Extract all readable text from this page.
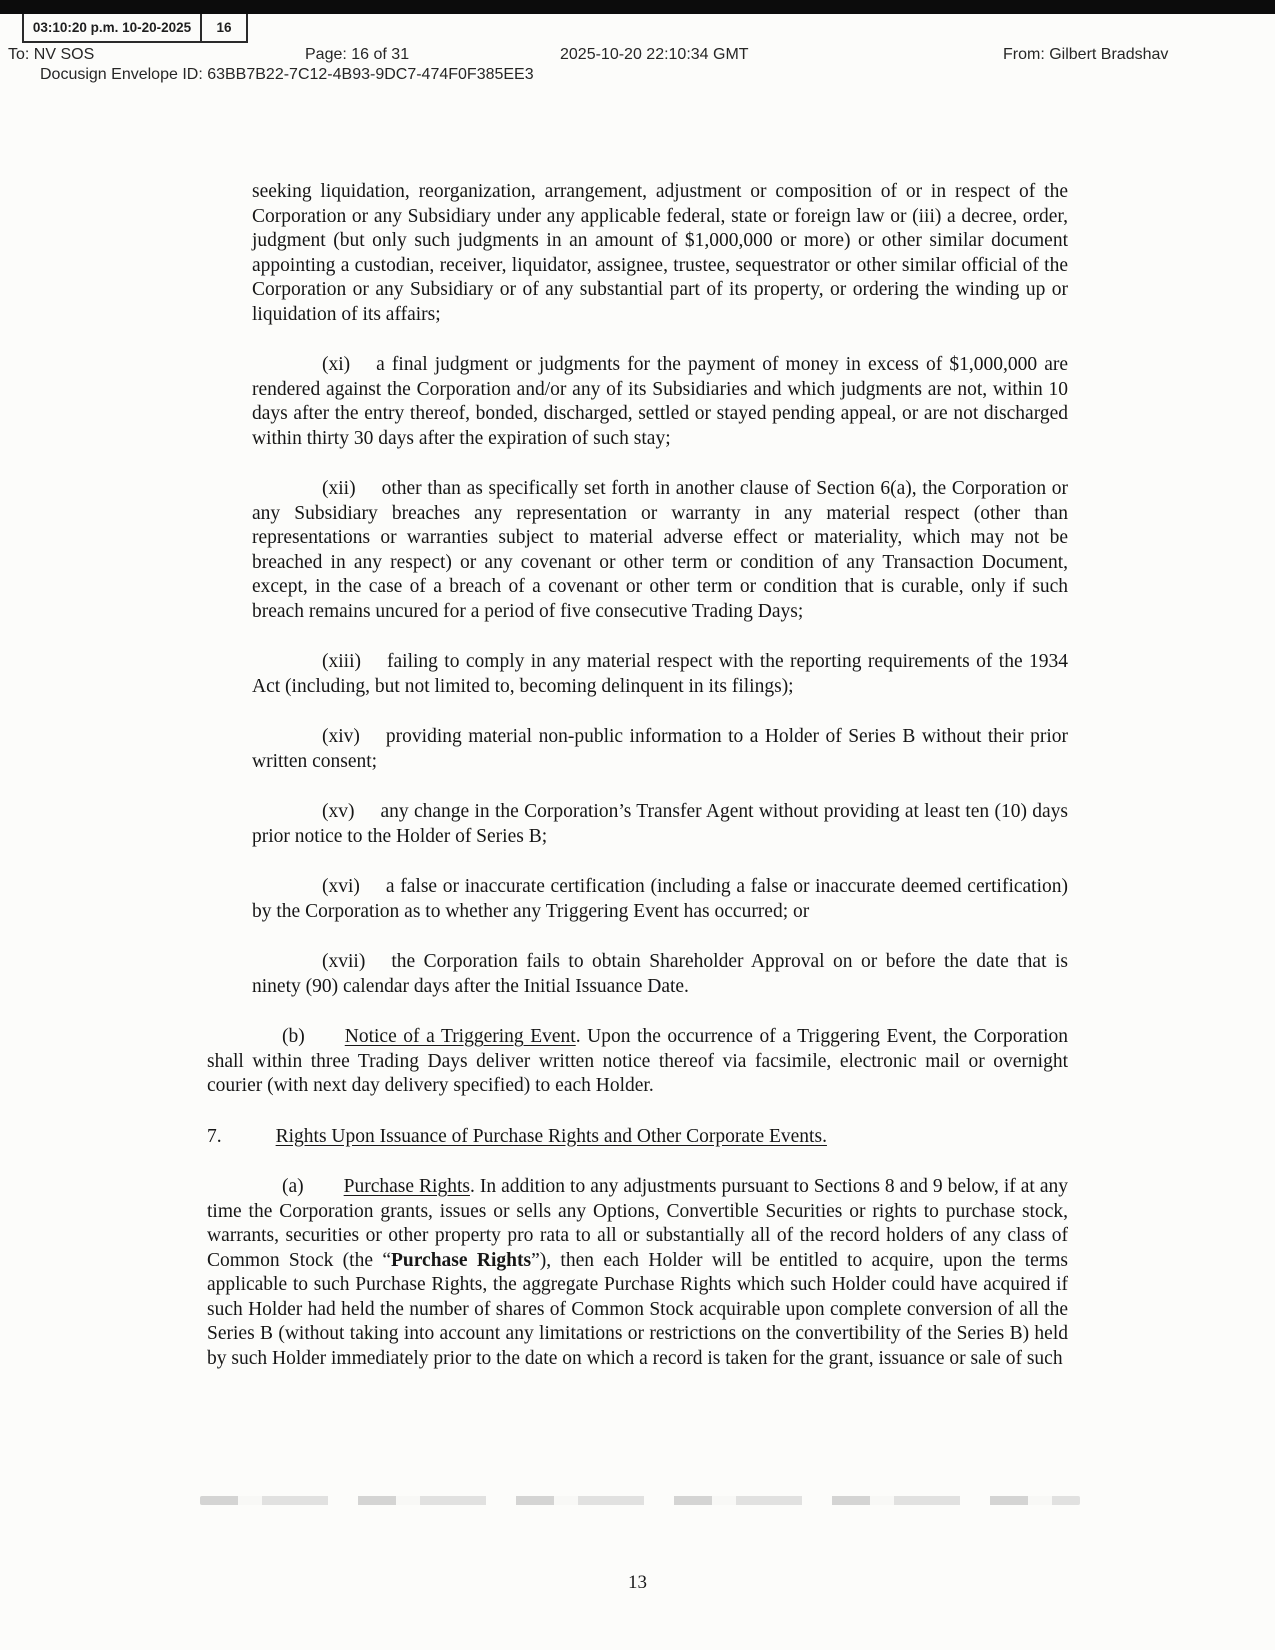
03:10:20 p.m. 10-20-2025	16
To: NV SOS	Page: 16 of 31	2025-10-20 22:10:34 GMT	From: Gilbert Bradshav
Docusign Envelope ID: 63BB7B22-7C12-4B93-9DC7-474F0F385EE3

seeking liquidation, reorganization, arrangement, adjustment or composition of or in respect of the Corporation or any Subsidiary under any applicable federal, state or foreign law or (iii) a decree, order, judgment (but only such judgments in an amount of $1,000,000 or more) or other similar document appointing a custodian, receiver, liquidator, assignee, trustee, sequestrator or other similar official of the Corporation or any Subsidiary or of any substantial part of its property, or ordering the winding up or liquidation of its affairs;

(xi) a final judgment or judgments for the payment of money in excess of $1,000,000 are rendered against the Corporation and/or any of its Subsidiaries and which judgments are not, within 10 days after the entry thereof, bonded, discharged, settled or stayed pending appeal, or are not discharged within thirty 30 days after the expiration of such stay;

(xii) other than as specifically set forth in another clause of Section 6(a), the Corporation or any Subsidiary breaches any representation or warranty in any material respect (other than representations or warranties subject to material adverse effect or materiality, which may not be breached in any respect) or any covenant or other term or condition of any Transaction Document, except, in the case of a breach of a covenant or other term or condition that is curable, only if such breach remains uncured for a period of five consecutive Trading Days;

(xiii) failing to comply in any material respect with the reporting requirements of the 1934 Act (including, but not limited to, becoming delinquent in its filings);

(xiv) providing material non-public information to a Holder of Series B without their prior written consent;

(xv) any change in the Corporation’s Transfer Agent without providing at least ten (10) days prior notice to the Holder of Series B;

(xvi) a false or inaccurate certification (including a false or inaccurate deemed certification) by the Corporation as to whether any Triggering Event has occurred; or

(xvii) the Corporation fails to obtain Shareholder Approval on or before the date that is ninety (90) calendar days after the Initial Issuance Date.

(b) Notice of a Triggering Event. Upon the occurrence of a Triggering Event, the Corporation shall within three Trading Days deliver written notice thereof via facsimile, electronic mail or overnight courier (with next day delivery specified) to each Holder.

7.	Rights Upon Issuance of Purchase Rights and Other Corporate Events.

(a) Purchase Rights. In addition to any adjustments pursuant to Sections 8 and 9 below, if at any time the Corporation grants, issues or sells any Options, Convertible Securities or rights to purchase stock, warrants, securities or other property pro rata to all or substantially all of the record holders of any class of Common Stock (the “Purchase Rights”), then each Holder will be entitled to acquire, upon the terms applicable to such Purchase Rights, the aggregate Purchase Rights which such Holder could have acquired if such Holder had held the number of shares of Common Stock acquirable upon complete conversion of all the Series B (without taking into account any limitations or restrictions on the convertibility of the Series B) held by such Holder immediately prior to the date on which a record is taken for the grant, issuance or sale of such

13
